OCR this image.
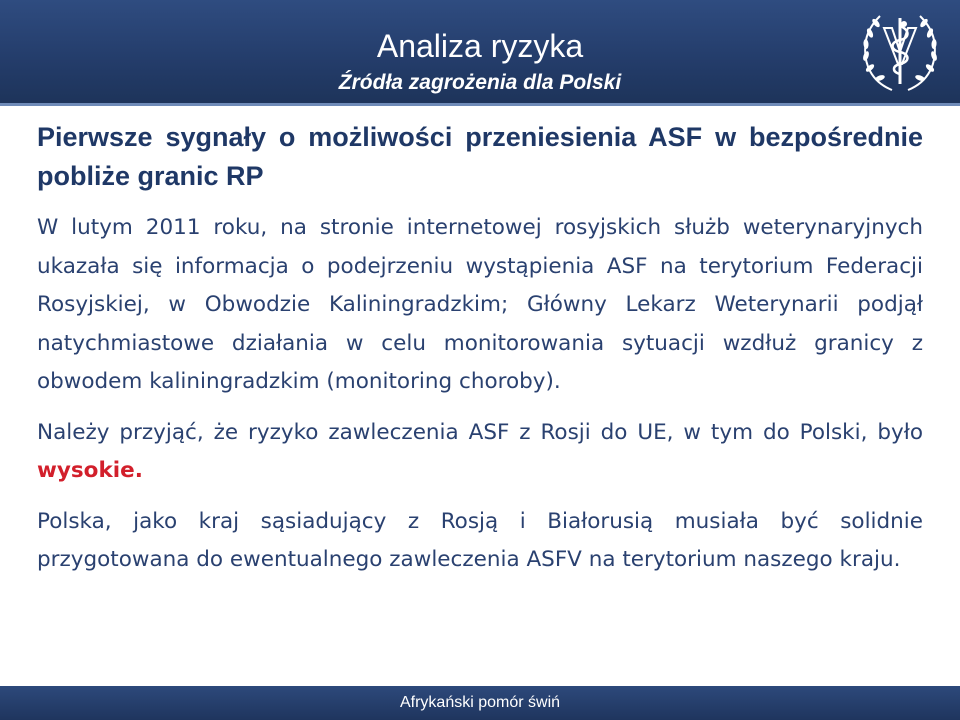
Analiza ryzyka
Źródła zagrożenia dla Polski

Pierwsze sygnały o możliwości przeniesienia ASF w bezpośrednie pobliże granic RP

W lutym 2011 roku, na stronie internetowej rosyjskich służb weterynaryjnych ukazała się informacja o podejrzeniu wystąpienia ASF na terytorium Federacji Rosyjskiej, w Obwodzie Kaliningradzkim; Główny Lekarz Weterynarii podjął natychmiastowe działania w celu monitorowania sytuacji wzdłuż granicy z obwodem kaliningradzkim (monitoring choroby).

Należy przyjąć, że ryzyko zawleczenia ASF z Rosji do UE, w tym do Polski, było wysokie.

Polska, jako kraj sąsiadujący z Rosją i Białorusią musiała być solidnie przygotowana do ewentualnego zawleczenia ASFV na terytorium naszego kraju.

Afrykański pomór świń
